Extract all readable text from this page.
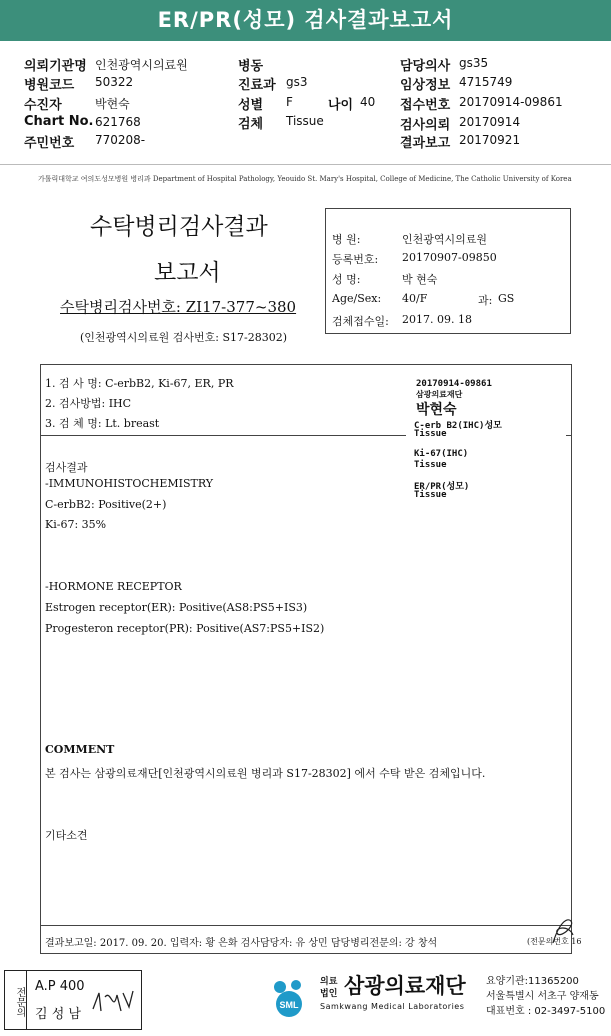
ER/PR(성모) 검사결과보고서
의뢰기관명 인천광역시의료원
병원코드 50322
수진자	박현숙
Chart No. 621768
주민번호 770208-
병동
진료과 gs3
성별 F	나이 40
검체 Tissue
담당의사 gs35
임상정보 4715749
접수번호 20170914-09861
검사의뢰 20170914
결과보고 20170921
가톨릭대학교 여의도성모병원 병리과 Department of Hospital Pathology, Yeouido St. Mary's Hospital, College of Medicine, The Catholic University of Korea
수탁병리검사결과
보고서
수탁병리검사번호: ZI17-377~380
(인천광역시의료원 검사번호: S17-28302)
병 원:	인천광역시의료원
등록번호: 20170907-09850
성 명:	박 현숙
Age/Sex: 40/F	과: GS
검체접수일: 2017. 09. 18
1. 검 사 명: C-erbB2, Ki-67, ER, PR
2. 검사방법: IHC
3. 검 체 명: Lt. breast
검사결과
-IMMUNOHISTOCHEMISTRY
C-erbB2: Positive(2+)
Ki-67: 35%
-HORMONE RECEPTOR
Estrogen receptor(ER): Positive(AS8:PS5+IS3)
Progesteron receptor(PR): Positive(AS7:PS5+IS2)
COMMENT
본 검사는 삼광의료재단[인천광역시의료원 병리과 S17-28302] 에서 수탁 받은 검체입니다.
기타소견
결과보고일: 2017. 09. 20. 입력자: 황 은화 검사담당자: 유 상민 담당병리전문의: 강 창석	(전문의번호 16
20170914-09861
삼광의료재단
박현숙
C-erb B2(IHC)성모
Tissue
Ki-67(IHC)
Tissue
ER/PR(성모)
Tissue
전문의 A.P 400
김 성 남
SML
의료
법인 삼광의료재단
Samkwang Medical Laboratories
요양기관:11365200
서울특별시 서초구 양재동
대표번호 : 02-3497-5100
